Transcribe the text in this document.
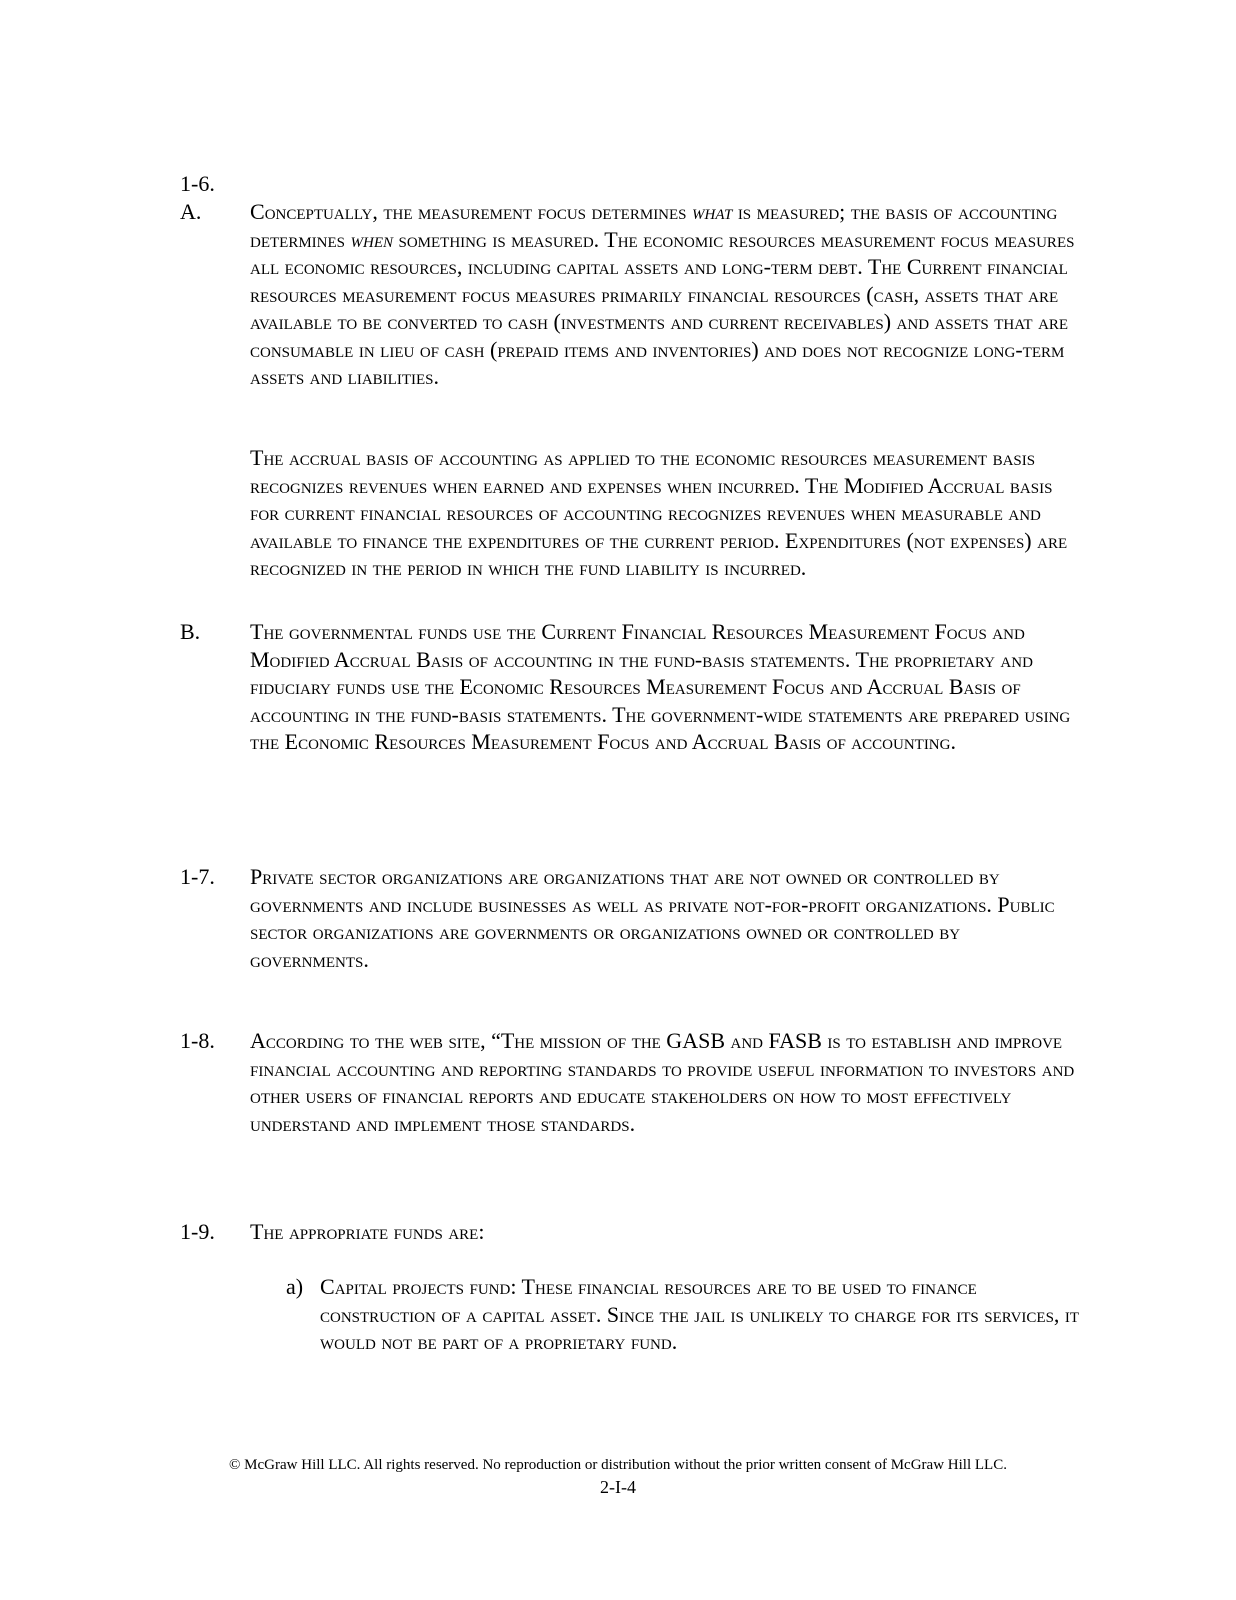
1-6.
A. Conceptually, the measurement focus determines what is measured; the basis of accounting determines when something is measured. The economic resources measurement focus measures all economic resources, including capital assets and long-term debt. The Current financial resources measurement focus measures primarily financial resources (cash, assets that are available to be converted to cash (investments and current receivables) and assets that are consumable in lieu of cash (prepaid items and inventories) and does not recognize long-term assets and liabilities.
The accrual basis of accounting as applied to the economic resources measurement basis recognizes revenues when earned and expenses when incurred. The Modified Accrual basis for current financial resources of accounting recognizes revenues when measurable and available to finance the expenditures of the current period. Expenditures (not expenses) are recognized in the period in which the fund liability is incurred.
B. The governmental funds use the Current Financial Resources Measurement Focus and Modified Accrual Basis of accounting in the fund-basis statements. The proprietary and fiduciary funds use the Economic Resources Measurement Focus and Accrual Basis of accounting in the fund-basis statements. The government-wide statements are prepared using the Economic Resources Measurement Focus and Accrual Basis of accounting.
1-7. Private sector organizations are organizations that are not owned or controlled by governments and include businesses as well as private not-for-profit organizations. Public sector organizations are governments or organizations owned or controlled by governments.
1-8. According to the web site, “The mission of the GASB and FASB is to establish and improve financial accounting and reporting standards to provide useful information to investors and other users of financial reports and educate stakeholders on how to most effectively understand and implement those standards.
1-9. The appropriate funds are:
a) Capital projects fund: These financial resources are to be used to finance construction of a capital asset. Since the jail is unlikely to charge for its services, it would not be part of a proprietary fund.
© McGraw Hill LLC. All rights reserved. No reproduction or distribution without the prior written consent of McGraw Hill LLC.
2-I-4
